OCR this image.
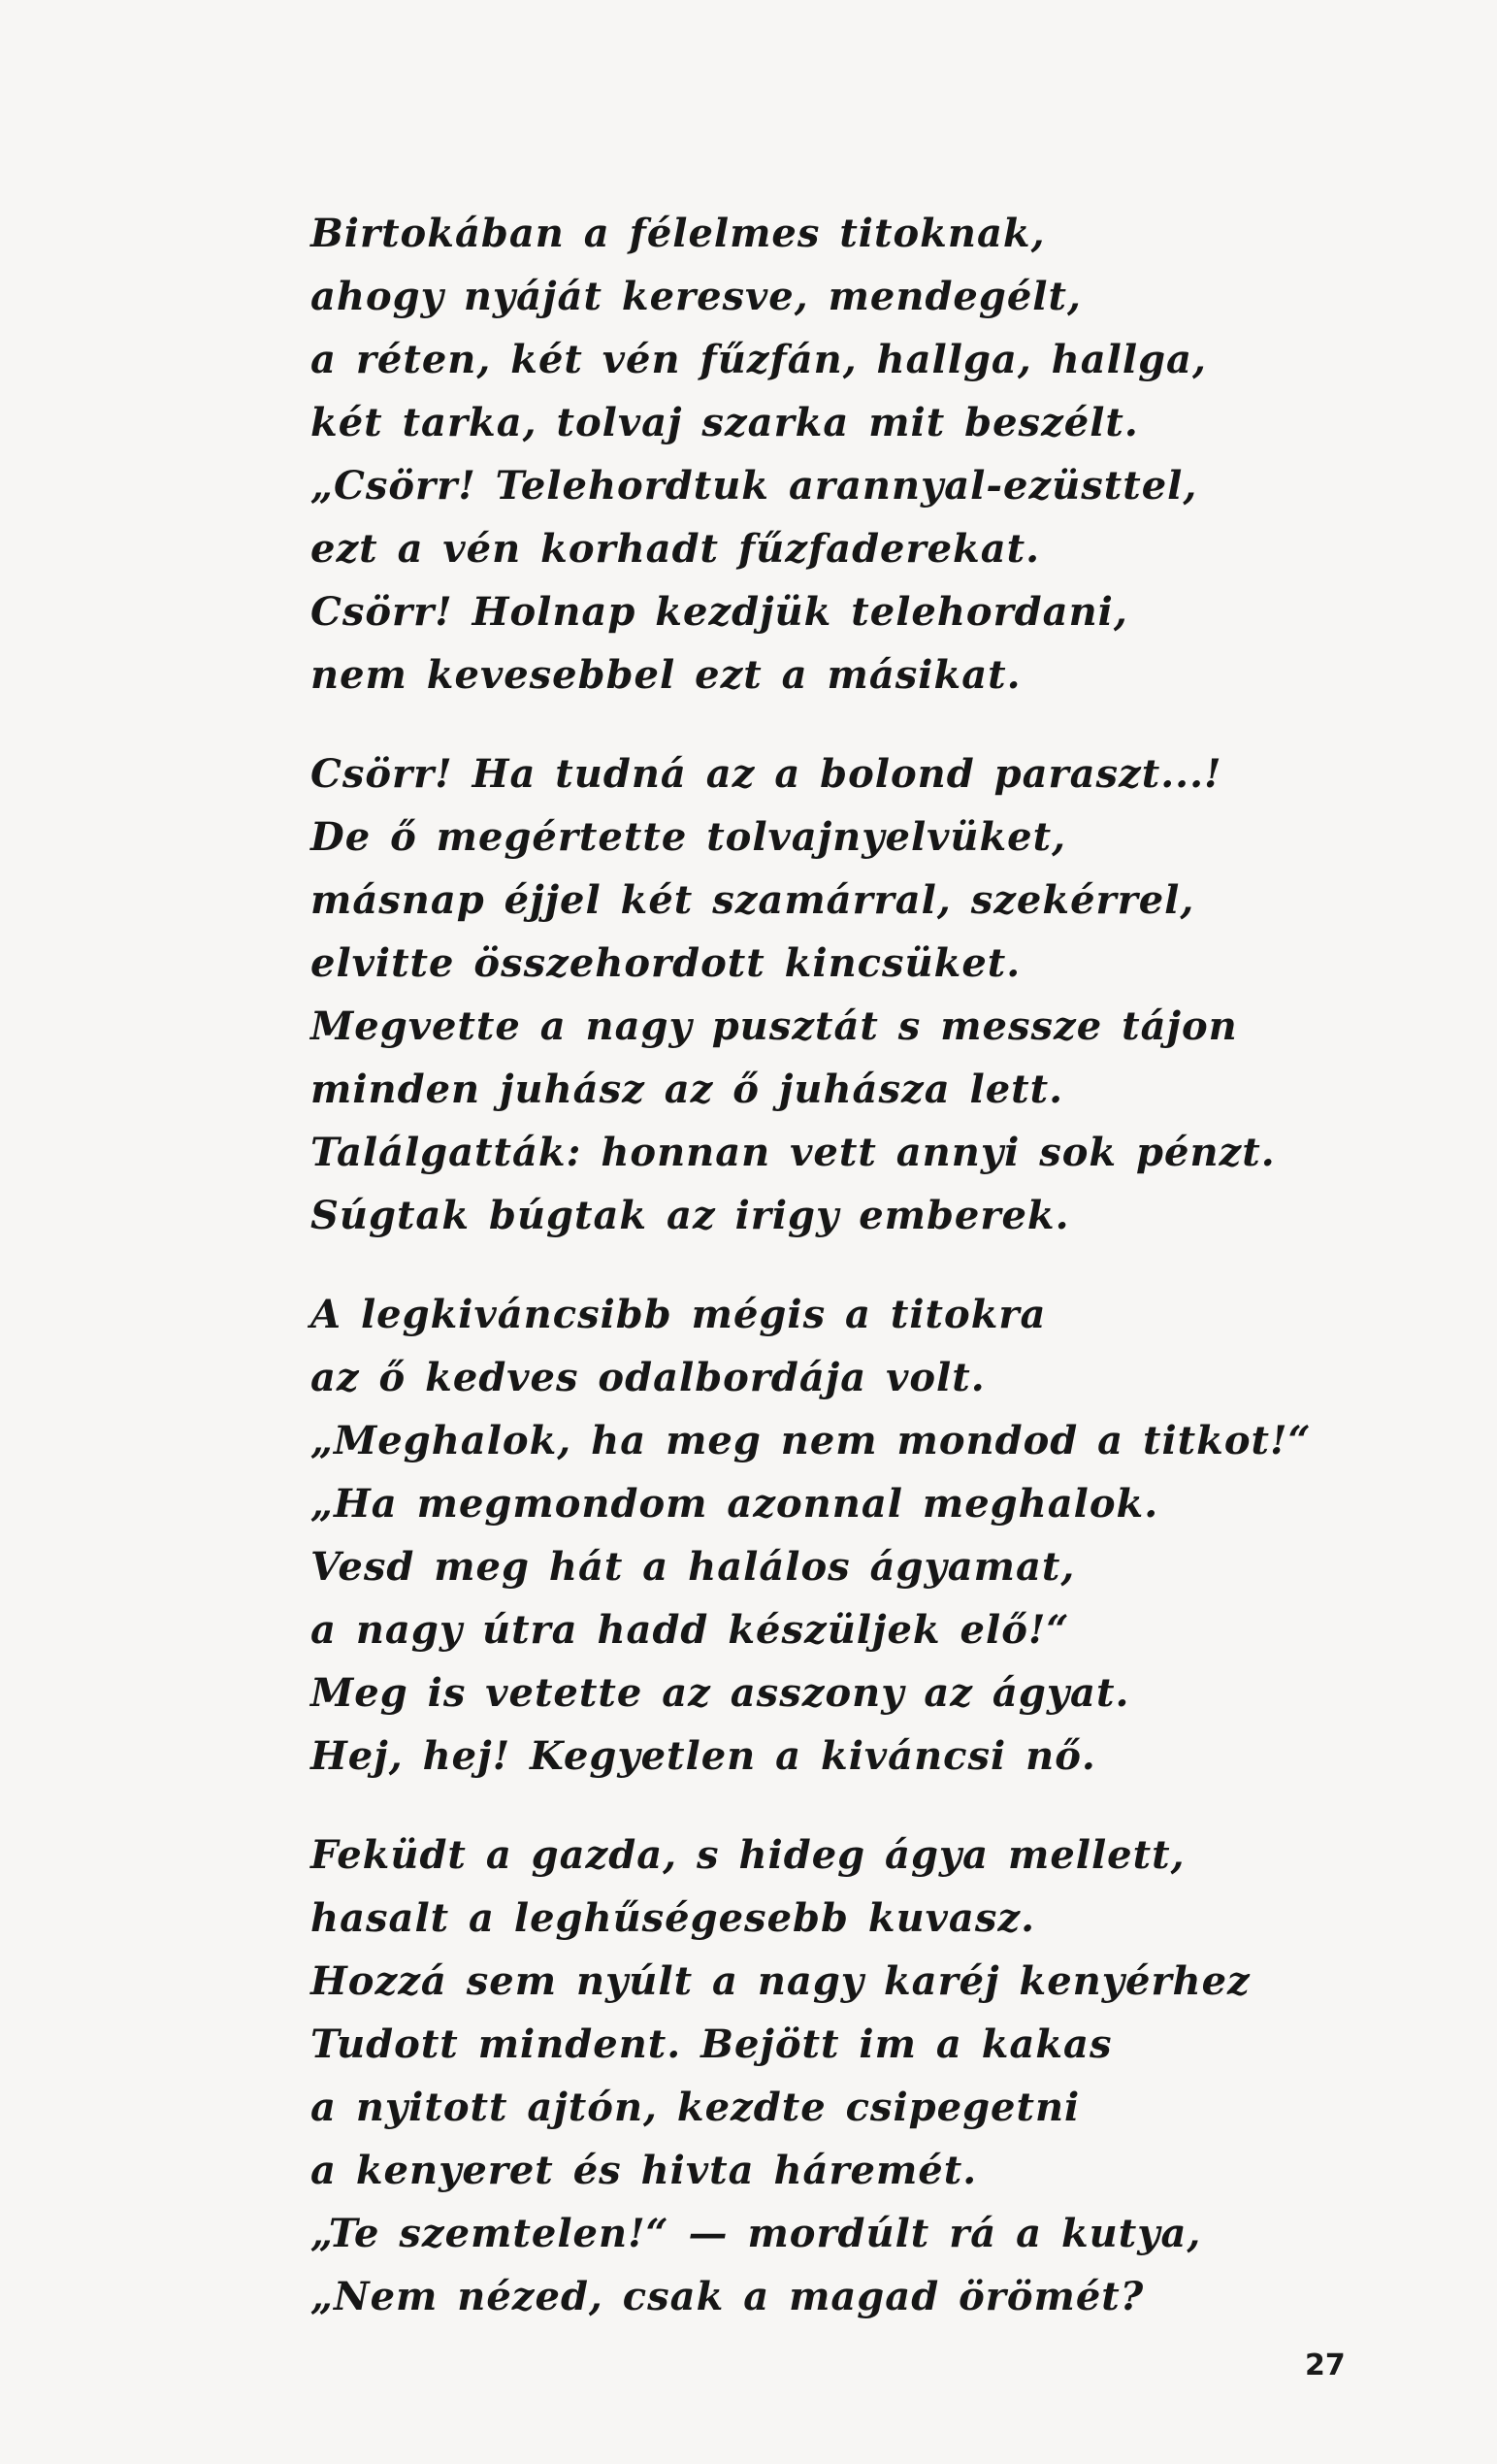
Birtokában a félelmes titoknak,
ahogy nyáját keresve, mendegélt,
a réten, két vén fűzfán, hallga, hallga,
két tarka, tolvaj szarka mit beszélt.
„Csörr! Telehordtuk arannyal-ezüsttel,
ezt a vén korhadt fűzfaderekat.
Csörr! Holnap kezdjük telehordani,
nem kevesebbel ezt a másikat.
Csörr! Ha tudná az a bolond paraszt...!
De ő megértette tolvajnyelvüket,
másnap éjjel két szamárral, szekérrel,
elvitte összehordott kincsüket.
Megvette a nagy pusztát s messze tájon
minden juhász az ő juhásza lett.
Találgatták: honnan vett annyi sok pénzt.
Súgtak búgtak az irigy emberek.
A legkiváncsibb mégis a titokra
az ő kedves odalbordája volt.
„Meghalok, ha meg nem mondod a titkot!“
„Ha megmondom azonnal meghalok.
Vesd meg hát a halálos ágyamat,
a nagy útra hadd készüljek elő!“
Meg is vetette az asszony az ágyat.
Hej, hej! Kegyetlen a kiváncsi nő.
Feküdt a gazda, s hideg ágya mellett,
hasalt a leghűségesebb kuvasz.
Hozzá sem nyúlt a nagy karéj kenyérhez
Tudott mindent. Bejött im a kakas
a nyitott ajtón, kezdte csipegetni
a kenyeret és hivta háremét.
„Te szemtelen!“ — mordúlt rá a kutya,
„Nem nézed, csak a magad örömét?
27
